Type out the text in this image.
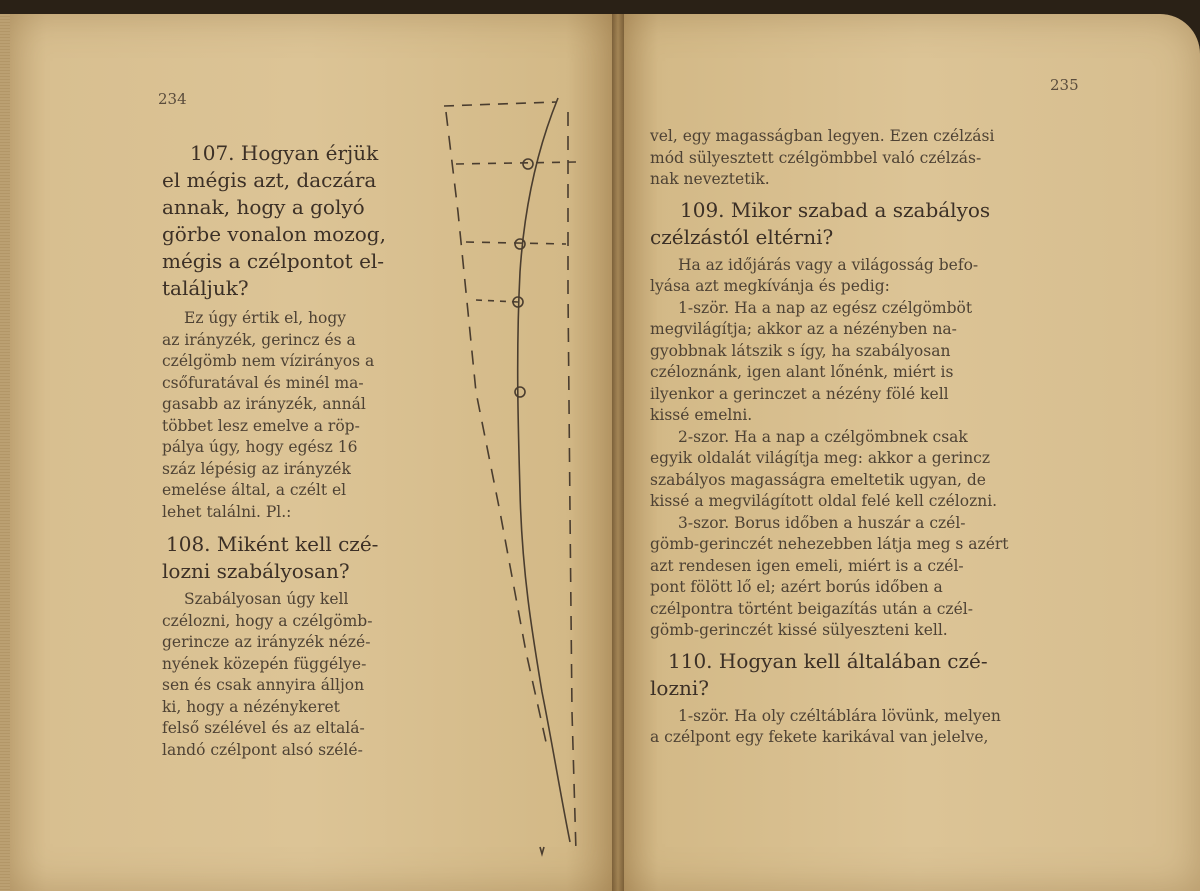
234
107. Hogyan érjük
el mégis azt, daczára
annak, hogy a golyó
görbe vonalon mozog,
mégis a czélpontot el-
találjuk?
Ez úgy értik el, hogy
az irányzék, gerincz és a
czélgömb nem vízirányos a
csőfuratával és minél ma-
gasabb az irányzék, annál
többet lesz emelve a röp-
pálya úgy, hogy egész 16
száz lépésig az irányzék
emelése által, a czélt el
lehet találni. Pl.:
108. Miként kell czé-
lozni szabályosan?
Szabályosan úgy kell
czélozni, hogy a czélgömb-
gerincze az irányzék nézé-
nyének közepén függélye-
sen és csak annyira álljon
ki, hogy a nézénykeret
felső szélével és az eltalá-
landó czélpont alsó szélé-
235
vel, egy magasságban legyen. Ezen czélzási
mód sülyesztett czélgömbbel való czélzás-
nak neveztetik.
109. Mikor szabad a szabályos
czélzástól eltérni?
Ha az időjárás vagy a világosság befo-
lyása azt megkívánja és pedig:
1-ször. Ha a nap az egész czélgömböt
megvilágítja; akkor az a nézényben na-
gyobbnak látszik s így, ha szabályosan
czéloznánk, igen alant lőnénk, miért is
ilyenkor a gerinczet a nézény fölé kell
kissé emelni.
2-szor. Ha a nap a czélgömbnek csak
egyik oldalát világítja meg: akkor a gerincz
szabályos magasságra emeltetik ugyan, de
kissé a megvilágított oldal felé kell czélozni.
3-szor. Borus időben a huszár a czél-
gömb-gerinczét nehezebben látja meg s azért
azt rendesen igen emeli, miért is a czél-
pont fölött lő el; azért borús időben a
czélpontra történt beigazítás után a czél-
gömb-gerinczét kissé sülyeszteni kell.
110. Hogyan kell általában czé-
lozni?
1-ször. Ha oly czéltáblára lövünk, melyen
a czélpont egy fekete karikával van jelelve,
